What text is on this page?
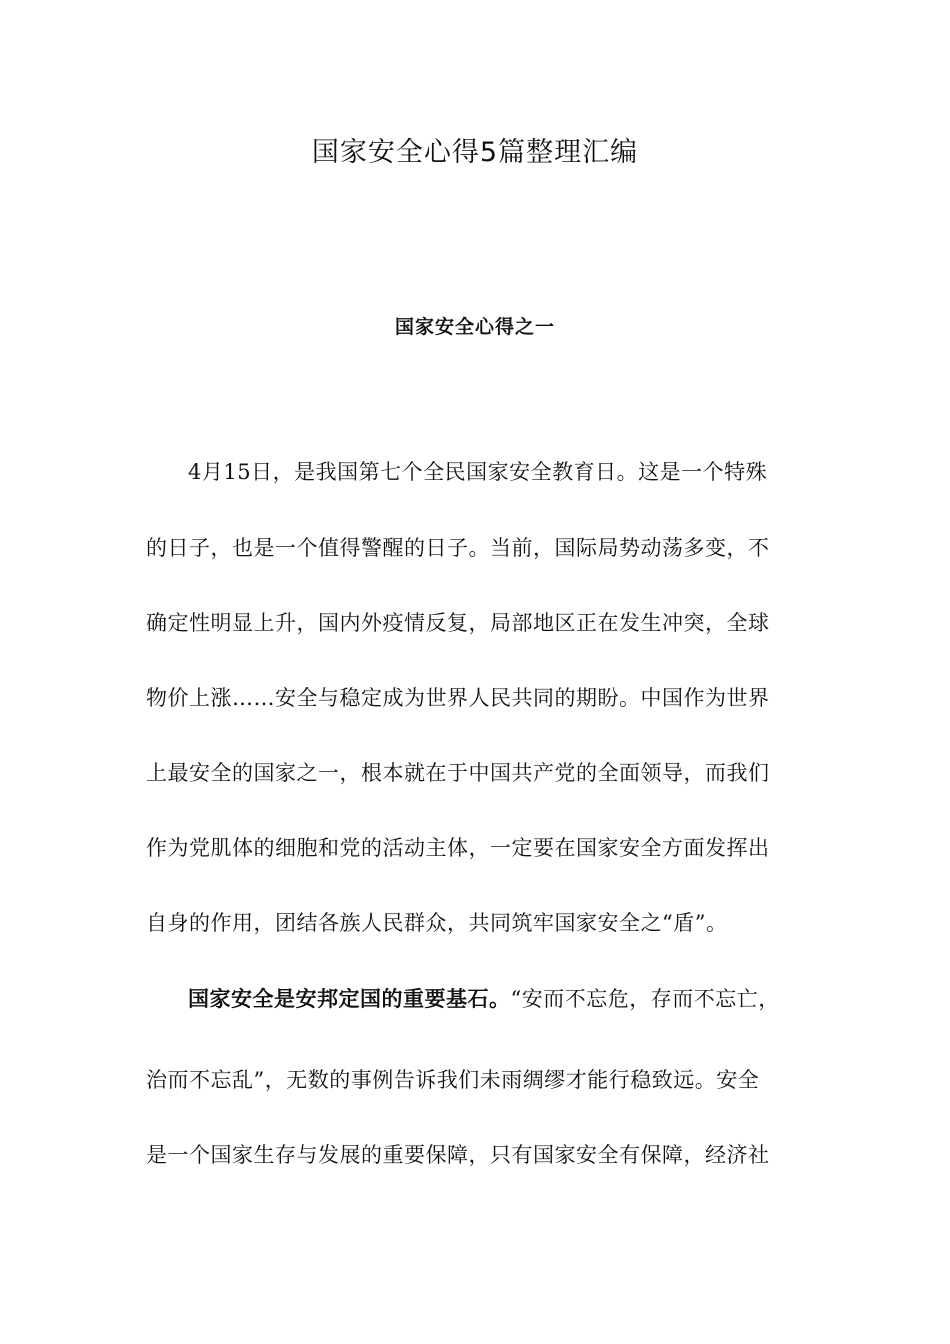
国家安全心得5篇整理汇编
国家安全心得之一
4月15日，是我国第七个全民国家安全教育日。这是一个特殊
的日子，也是一个值得警醒的日子。当前，国际局势动荡多变，不
确定性明显上升，国内外疫情反复，局部地区正在发生冲突，全球
物价上涨……安全与稳定成为世界人民共同的期盼。中国作为世界
上最安全的国家之一，根本就在于中国共产党的全面领导，而我们
作为党肌体的细胞和党的活动主体，一定要在国家安全方面发挥出
自身的作用，团结各族人民群众，共同筑牢国家安全之“盾”。
国家安全是安邦定国的重要基石。“安而不忘危，存而不忘亡，
治而不忘乱”，无数的事例告诉我们未雨绸缪才能行稳致远。安全
是一个国家生存与发展的重要保障，只有国家安全有保障，经济社
